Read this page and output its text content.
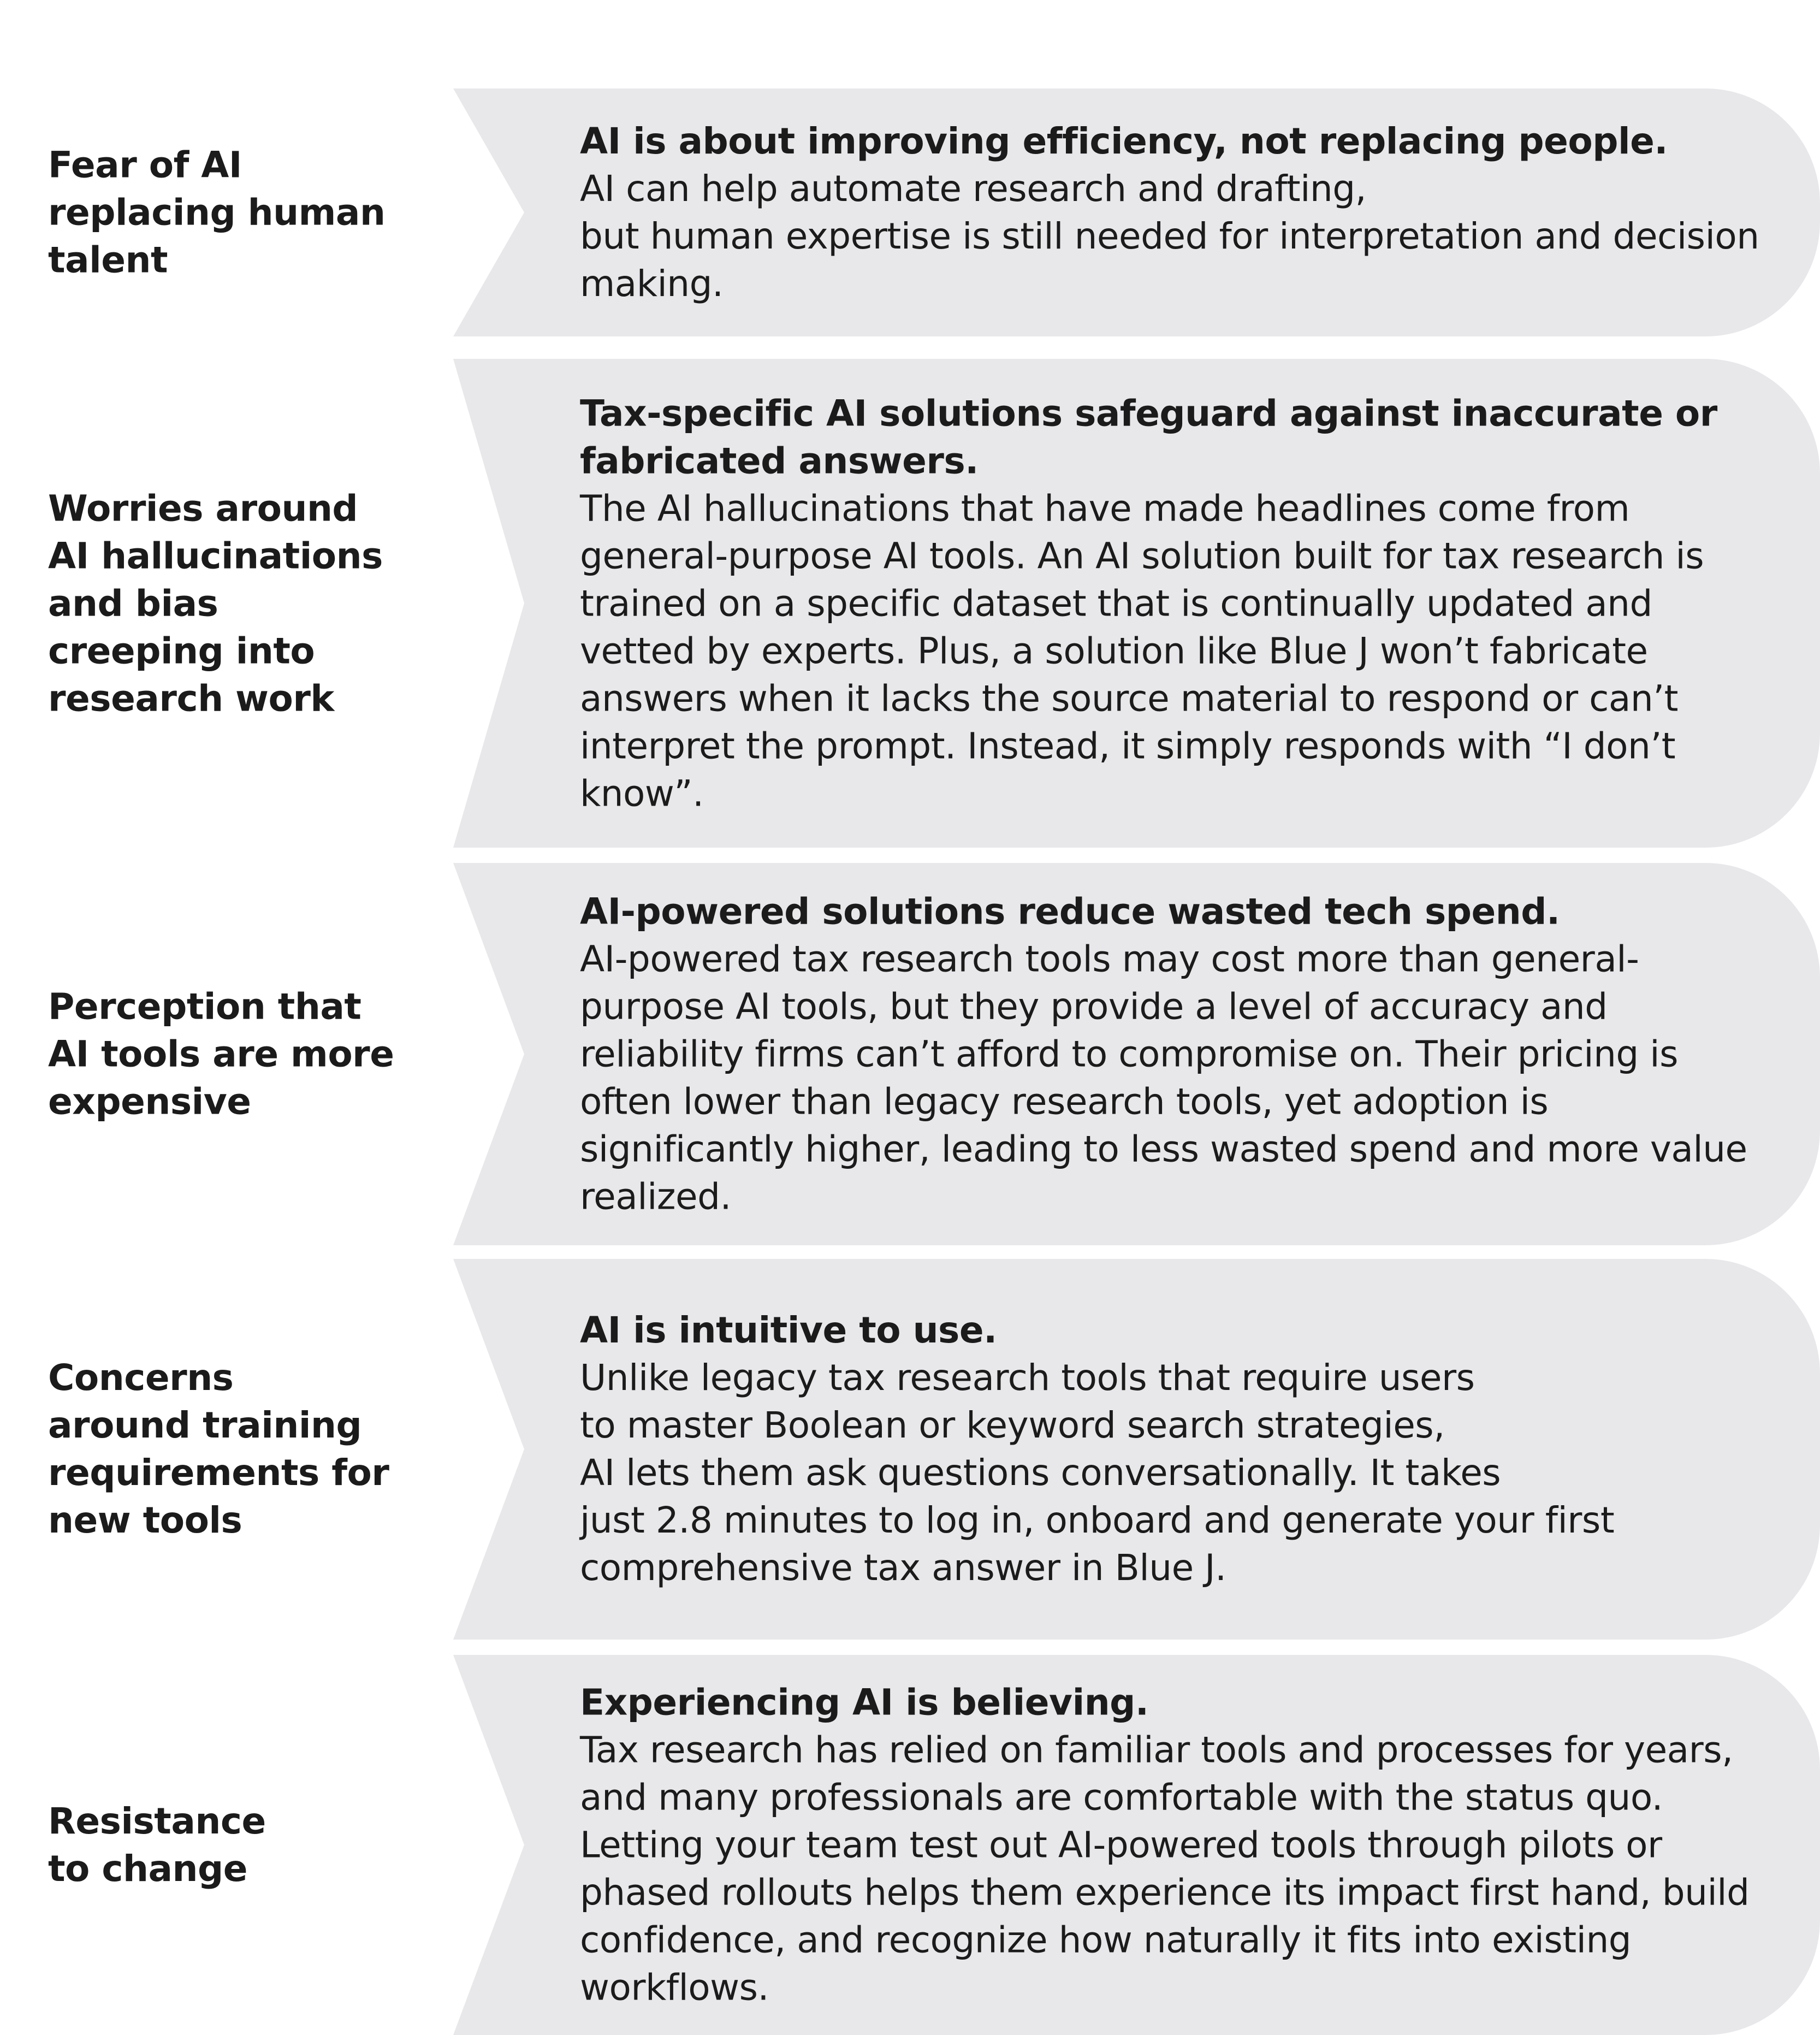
Fear of AI
replacing human
talent
AI is about improving efficiency, not replacing people.
AI can help automate research and drafting,
but human expertise is still needed for interpretation and decision making.
Worries around
AI hallucinations
and bias
creeping into
research work
Tax-specific AI solutions safeguard against inaccurate or fabricated answers.
The AI hallucinations that have made headlines come from general-purpose AI tools. An AI solution built for tax research is trained on a specific dataset that is continually updated and vetted by experts. Plus, a solution like Blue J won’t fabricate answers when it lacks the source material to respond or can’t interpret the prompt. Instead, it simply responds with “I don’t know”.
Perception that
AI tools are more
expensive
AI-powered solutions reduce wasted tech spend.
AI-powered tax research tools may cost more than general-purpose AI tools, but they provide a level of accuracy and reliability firms can’t afford to compromise on. Their pricing is often lower than legacy research tools, yet adoption is significantly higher, leading to less wasted spend and more value realized.
Concerns
around training
requirements for
new tools
AI is intuitive to use.
Unlike legacy tax research tools that require users
to master Boolean or keyword search strategies,
AI lets them ask questions conversationally. It takes
just 2.8 minutes to log in, onboard and generate your first comprehensive tax answer in Blue J.
Resistance
to change
Experiencing AI is believing.
Tax research has relied on familiar tools and processes for years, and many professionals are comfortable with the status quo. Letting your team test out AI-powered tools through pilots or phased rollouts helps them experience its impact first hand, build confidence, and recognize how naturally it fits into existing workflows.
